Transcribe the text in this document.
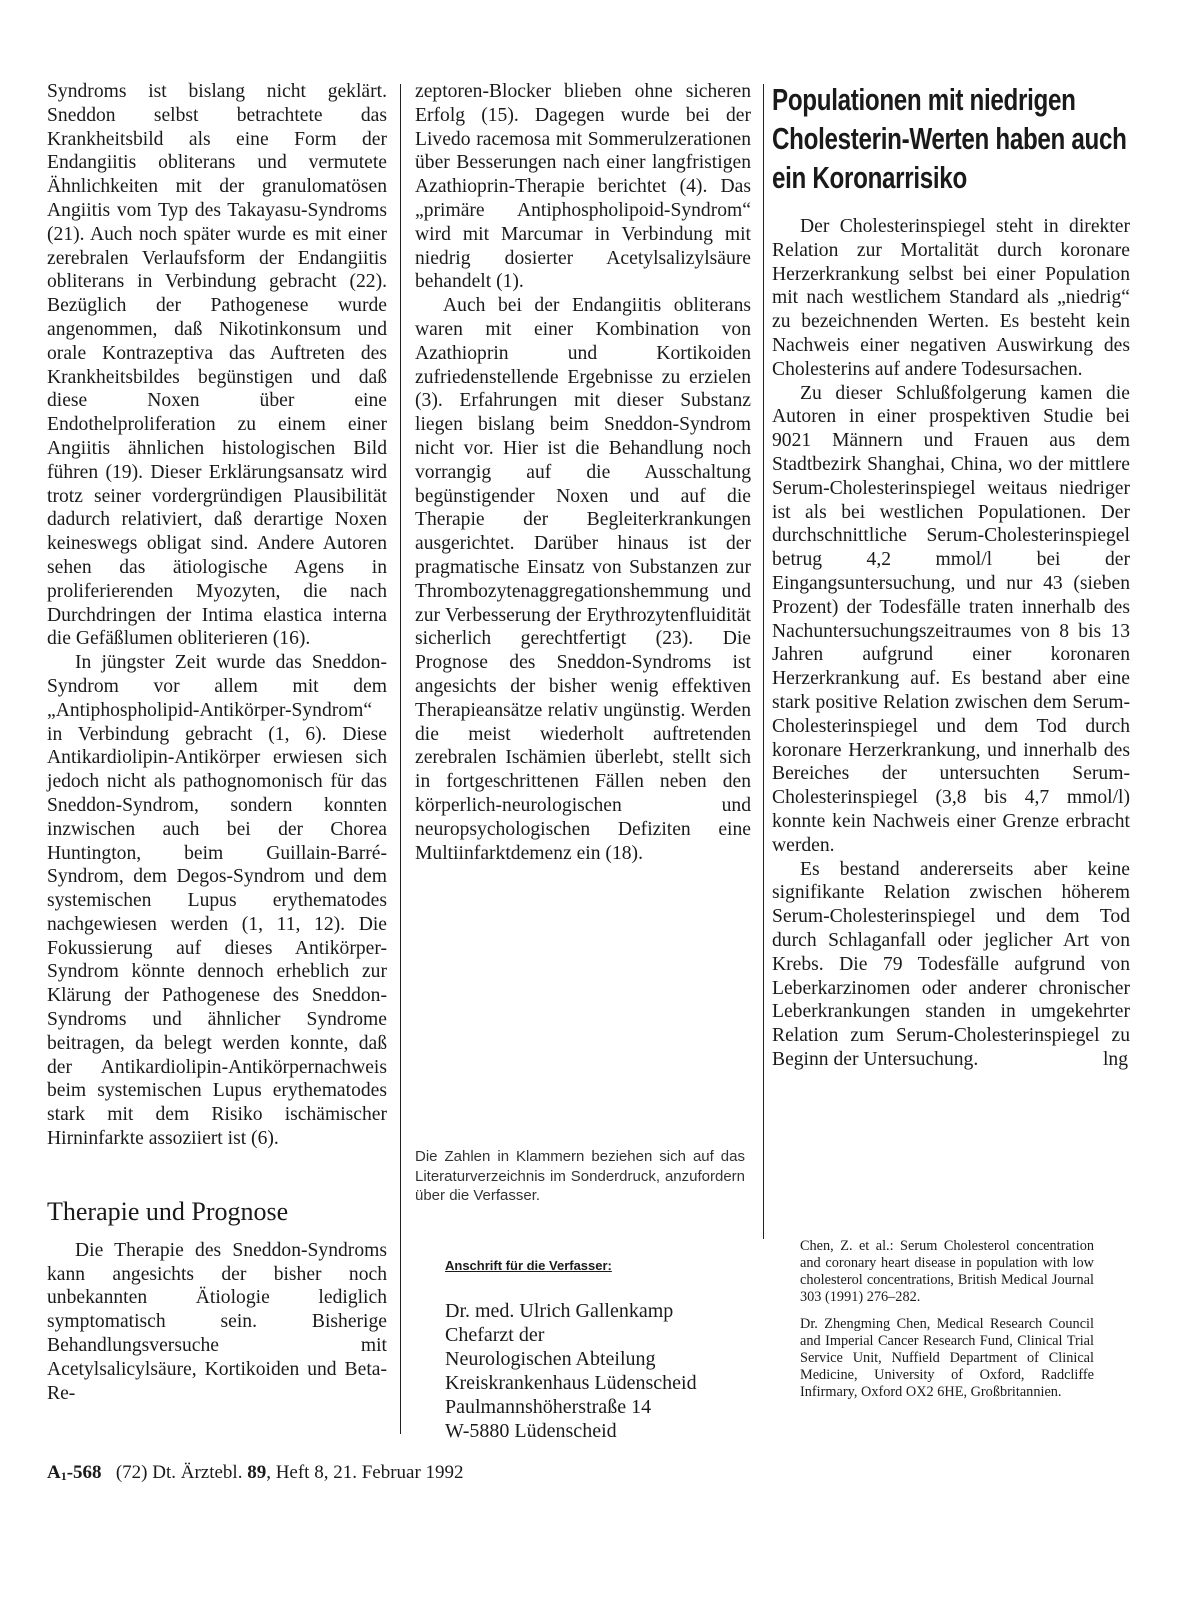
Syndroms ist bislang nicht geklärt. Sneddon selbst betrachtete das Krankheitsbild als eine Form der Endangiitis obliterans und vermutete Ähnlichkeiten mit der granulomatösen Angiitis vom Typ des Takayasu-Syndroms (21). Auch noch später wurde es mit einer zerebralen Verlaufsform der Endangiitis obliterans in Verbindung gebracht (22). Bezüglich der Pathogenese wurde angenommen, daß Nikotinkonsum und orale Kontrazeptiva das Auftreten des Krankheitsbildes begünstigen und daß diese Noxen über eine Endothelproliferation zu einem einer Angiitis ähnlichen histologischen Bild führen (19). Dieser Erklärungsansatz wird trotz seiner vordergründigen Plausibilität dadurch relativiert, daß derartige Noxen keineswegs obligat sind. Andere Autoren sehen das ätiologische Agens in proliferierenden Myozyten, die nach Durchdringen der Intima elastica interna die Gefäßlumen obliterieren (16).

In jüngster Zeit wurde das Sneddon-Syndrom vor allem mit dem „Antiphospholipid-Antikörper-Syndrom“ in Verbindung gebracht (1, 6). Diese Antikardiolipin-Antikörper erwiesen sich jedoch nicht als pathognomonisch für das Sneddon-Syndrom, sondern konnten inzwischen auch bei der Chorea Huntington, beim Guillain-Barré-Syndrom, dem Degos-Syndrom und dem systemischen Lupus erythematodes nachgewiesen werden (1, 11, 12). Die Fokussierung auf dieses Antikörper-Syndrom könnte dennoch erheblich zur Klärung der Pathogenese des Sneddon-Syndroms und ähnlicher Syndrome beitragen, da belegt werden konnte, daß der Antikardiolipin-Antikörpernachweis beim systemischen Lupus erythematodes stark mit dem Risiko ischämischer Hirninfarkte assoziiert ist (6).

Therapie und Prognose

Die Therapie des Sneddon-Syndroms kann angesichts der bisher noch unbekannten Ätiologie lediglich symptomatisch sein. Bisherige Behandlungsversuche mit Acetylsalicylsäure, Kortikoiden und Beta-Re-

zeptoren-Blocker blieben ohne sicheren Erfolg (15). Dagegen wurde bei der Livedo racemosa mit Sommerulzerationen über Besserungen nach einer langfristigen Azathioprin-Therapie berichtet (4). Das „primäre Antiphospholipoid-Syndrom“ wird mit Marcumar in Verbindung mit niedrig dosierter Acetylsalizylsäure behandelt (1).

Auch bei der Endangiitis obliterans waren mit einer Kombination von Azathioprin und Kortikoiden zufriedenstellende Ergebnisse zu erzielen (3). Erfahrungen mit dieser Substanz liegen bislang beim Sneddon-Syndrom nicht vor. Hier ist die Behandlung noch vorrangig auf die Ausschaltung begünstigender Noxen und auf die Therapie der Begleiterkrankungen ausgerichtet. Darüber hinaus ist der pragmatische Einsatz von Substanzen zur Thrombozytenaggregationshemmung und zur Verbesserung der Erythrozytenfluidität sicherlich gerechtfertigt (23). Die Prognose des Sneddon-Syndroms ist angesichts der bisher wenig effektiven Therapieansätze relativ ungünstig. Werden die meist wiederholt auftretenden zerebralen Ischämien überlebt, stellt sich in fortgeschrittenen Fällen neben den körperlich-neurologischen und neuropsychologischen Defiziten eine Multiinfarktdemenz ein (18).

Die Zahlen in Klammern beziehen sich auf das Literaturverzeichnis im Sonderdruck, anzufordern über die Verfasser.
Anschrift für die Verfasser:
Dr. med. Ulrich Gallenkamp
Chefarzt der
Neurologischen Abteilung
Kreiskrankenhaus Lüdenscheid
Paulmannshöherstraße 14
W-5880 Lüdenscheid
Populationen mit niedrigen Cholesterin-Werten haben auch ein Koronarrisiko

Der Cholesterinspiegel steht in direkter Relation zur Mortalität durch koronare Herzerkrankung selbst bei einer Population mit nach westlichem Standard als „niedrig“ zu bezeichnenden Werten. Es besteht kein Nachweis einer negativen Auswirkung des Cholesterins auf andere Todesursachen.

Zu dieser Schlußfolgerung kamen die Autoren in einer prospektiven Studie bei 9021 Männern und Frauen aus dem Stadtbezirk Shanghai, China, wo der mittlere Serum-Cholesterinspiegel weitaus niedriger ist als bei westlichen Populationen. Der durchschnittliche Serum-Cholesterinspiegel betrug 4,2 mmol/l bei der Eingangsuntersuchung, und nur 43 (sieben Prozent) der Todesfälle traten innerhalb des Nachuntersuchungszeitraumes von 8 bis 13 Jahren aufgrund einer koronaren Herzerkrankung auf. Es bestand aber eine stark positive Relation zwischen dem Serum-Cholesterinspiegel und dem Tod durch koronare Herzerkrankung, und innerhalb des Bereiches der untersuchten Serum-Cholesterinspiegel (3,8 bis 4,7 mmol/l) konnte kein Nachweis einer Grenze erbracht werden.

Es bestand andererseits aber keine signifikante Relation zwischen höherem Serum-Cholesterinspiegel und dem Tod durch Schlaganfall oder jeglicher Art von Krebs. Die 79 Todesfälle aufgrund von Leberkarzinomen oder anderer chronischer Leberkrankungen standen in umgekehrter Relation zum Serum-Cholesterinspiegel zu Beginn der Untersuchung.	lng
Chen, Z. et al.: Serum Cholesterol concentration and coronary heart disease in population with low cholesterol concentrations, British Medical Journal 303 (1991) 276–282.
Dr. Zhengming Chen, Medical Research Council and Imperial Cancer Research Fund, Clinical Trial Service Unit, Nuffield Department of Clinical Medicine, University of Oxford, Radcliffe Infirmary, Oxford OX2 6HE, Großbritannien.
A1-568 (72) Dt. Ärztebl. 89, Heft 8, 21. Februar 1992
